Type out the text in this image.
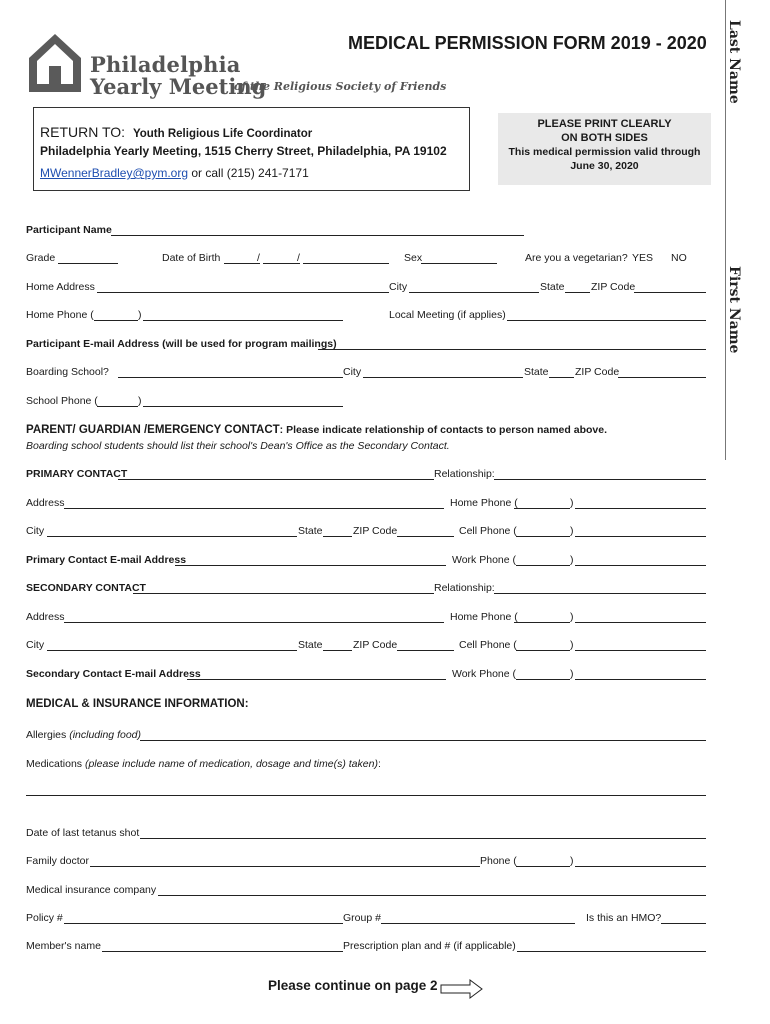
Philadelphia
Yearly Meeting
of the Religious Society of Friends
MEDICAL PERMISSION FORM 2019 - 2020 Last Name
First Name
RETURN TO: Youth Religious Life Coordinator
Philadelphia Yearly Meeting, 1515 Cherry Street, Philadelphia, PA 19102
MWennerBradley@pym.org or call (215) 241-7171
PLEASE PRINT CLEARLY
ON BOTH SIDES
This medical permission valid through
June 30, 2020
Participant Name
Grade	Date of Birth	/	/	Sex	Are you a vegetarian? YES NO
Home Address	City	State	ZIP Code
Home Phone (	)	Local Meeting (if applies)
Participant E-mail Address (will be used for program mailings)
Boarding School?	City	State	ZIP Code
School Phone (	)
PARENT/ GUARDIAN /EMERGENCY CONTACT: Please indicate relationship of contacts to person named above.
Boarding school students should list their school's Dean's Office as the Secondary Contact.
PRIMARY CONTACT	Relationship:
Address	Home Phone (	)
City	State	ZIP Code	Cell Phone (	)
Primary Contact E-mail Address	Work Phone (	)
SECONDARY CONTACT	Relationship:
Address	Home Phone (	)
City	State	ZIP Code	Cell Phone (	)
Secondary Contact E-mail Address	Work Phone (	)
MEDICAL & INSURANCE INFORMATION:
Allergies (including food)
Medications (please include name of medication, dosage and time(s) taken):
Date of last tetanus shot
Family doctor	Phone (	)
Medical insurance company
Policy #	Group #	Is this an HMO?
Member's name	Prescription plan and # (if applicable)
Please continue on page 2
